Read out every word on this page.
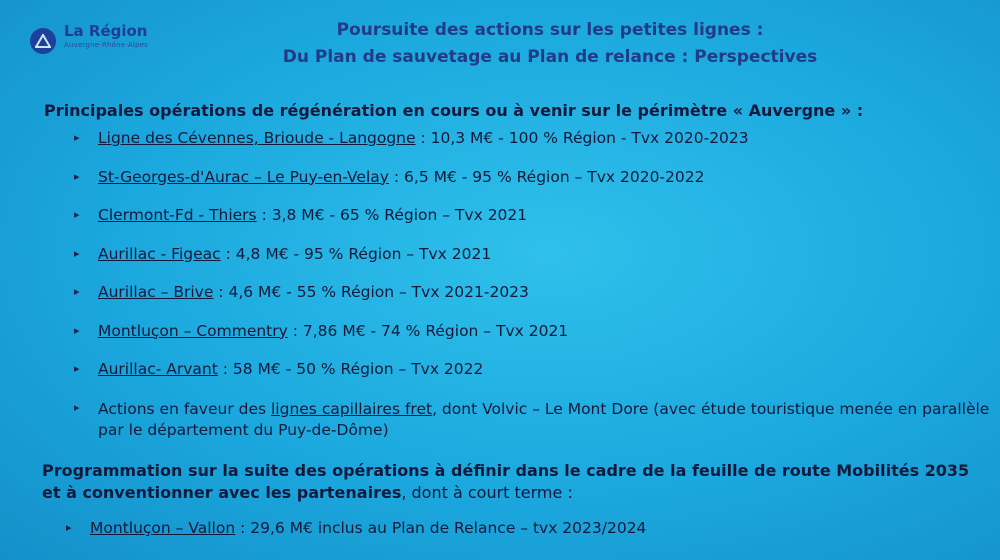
La Région
Auvergne-Rhône-Alpes
Poursuite des actions sur les petites lignes :
Du Plan de sauvetage au Plan de relance : Perspectives
Principales opérations de régénération en cours ou à venir sur le périmètre « Auvergne » :
▸ Ligne des Cévennes, Brioude - Langogne : 10,3 M€ - 100 % Région - Tvx 2020-2023
▸ St-Georges-d'Aurac – Le Puy-en-Velay : 6,5 M€ - 95 % Région – Tvx 2020-2022
▸ Clermont-Fd - Thiers : 3,8 M€ - 65 % Région – Tvx 2021
▸ Aurillac - Figeac : 4,8 M€ - 95 % Région – Tvx 2021
▸ Aurillac – Brive : 4,6 M€ - 55 % Région – Tvx 2021-2023
▸ Montluçon – Commentry : 7,86 M€ - 74 % Région – Tvx 2021
▸ Aurillac- Arvant : 58 M€ - 50 % Région – Tvx 2022
▸ Actions en faveur des lignes capillaires fret, dont Volvic – Le Mont Dore (avec étude touristique menée en parallèle par le département du Puy-de-Dôme)
Programmation sur la suite des opérations à définir dans le cadre de la feuille de route Mobilités 2035 et à conventionner avec les partenaires, dont à court terme :
▸ Montluçon – Vallon : 29,6 M€ inclus au Plan de Relance – tvx 2023/2024
